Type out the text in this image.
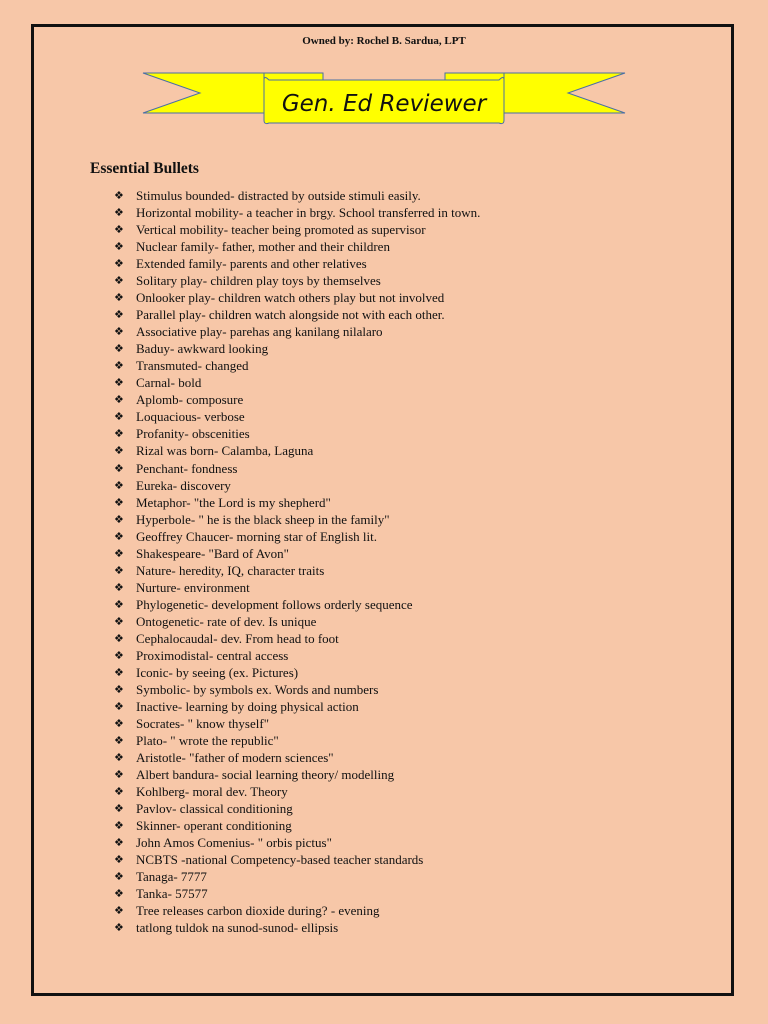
Owned by: Rochel B. Sardua, LPT
Gen. Ed Reviewer
Essential Bullets
❖ Stimulus bounded- distracted by outside stimuli easily.
❖ Horizontal mobility- a teacher in brgy. School transferred in town.
❖ Vertical mobility- teacher being promoted as supervisor
❖ Nuclear family- father, mother and their children
❖ Extended family- parents and other relatives
❖ Solitary play- children play toys by themselves
❖ Onlooker play- children watch others play but not involved
❖ Parallel play- children watch alongside not with each other.
❖ Associative play- parehas ang kanilang nilalaro
❖ Baduy- awkward looking
❖ Transmuted- changed
❖ Carnal- bold
❖ Aplomb- composure
❖ Loquacious- verbose
❖ Profanity- obscenities
❖ Rizal was born- Calamba, Laguna
❖ Penchant- fondness
❖ Eureka- discovery
❖ Metaphor- "the Lord is my shepherd"
❖ Hyperbole- " he is the black sheep in the family"
❖ Geoffrey Chaucer- morning star of English lit.
❖ Shakespeare- "Bard of Avon"
❖ Nature- heredity, IQ, character traits
❖ Nurture- environment
❖ Phylogenetic- development follows orderly sequence
❖ Ontogenetic- rate of dev. Is unique
❖ Cephalocaudal- dev. From head to foot
❖ Proximodistal- central access
❖ Iconic- by seeing (ex. Pictures)
❖ Symbolic- by symbols ex. Words and numbers
❖ Inactive- learning by doing physical action
❖ Socrates- " know thyself"
❖ Plato- " wrote the republic"
❖ Aristotle- "father of modern sciences"
❖ Albert bandura- social learning theory/ modelling
❖ Kohlberg- moral dev. Theory
❖ Pavlov- classical conditioning
❖ Skinner- operant conditioning
❖ John Amos Comenius- " orbis pictus"
❖ NCBTS -national Competency-based teacher standards
❖ Tanaga- 7777
❖ Tanka- 57577
❖ Tree releases carbon dioxide during? - evening
❖ tatlong tuldok na sunod-sunod- ellipsis
